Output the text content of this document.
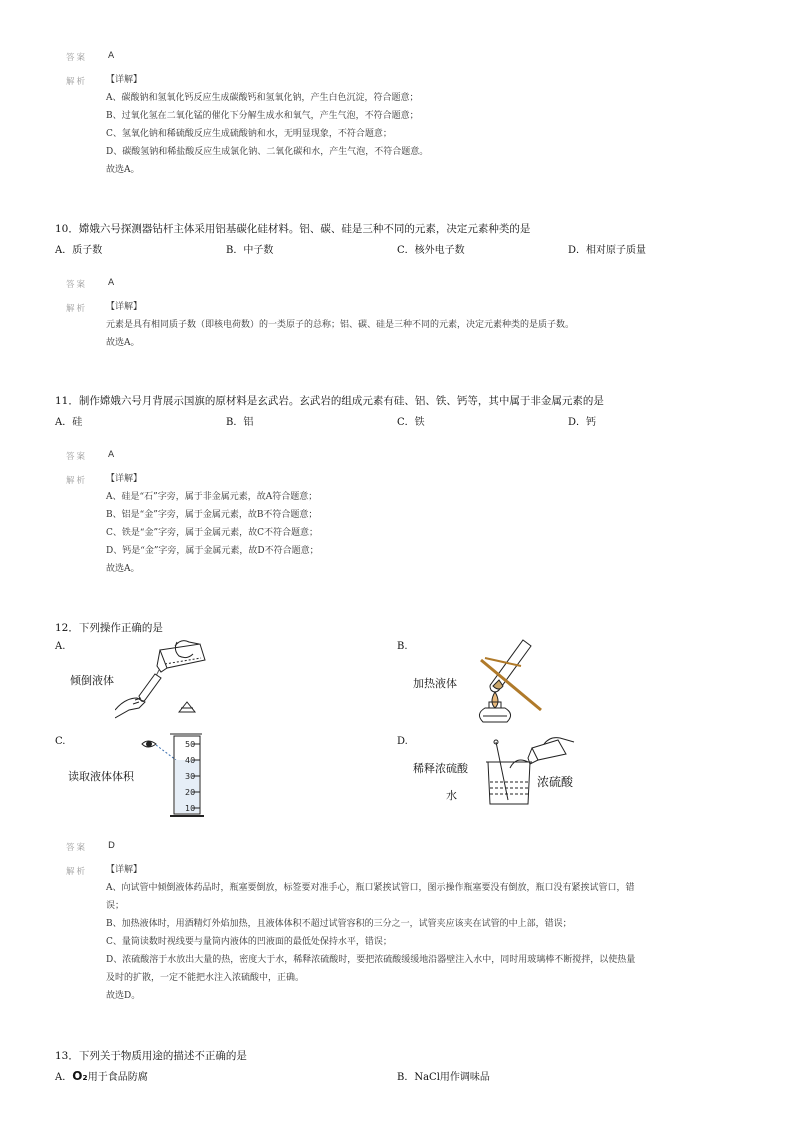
答案 A
解析 【详解】
A、碳酸钠和氢氧化钙反应生成碳酸钙和氢氧化钠，产生白色沉淀，符合题意；
B、过氧化氢在二氧化锰的催化下分解生成水和氧气，产生气泡，不符合题意；
C、氢氧化钠和稀硫酸反应生成硫酸钠和水，无明显现象，不符合题意；
D、碳酸氢钠和稀盐酸反应生成氯化钠、二氧化碳和水，产生气泡，不符合题意。
故选A。
10．嫦娥六号探测器钻杆主体采用铝基碳化硅材料。铝、碳、硅是三种不同的元素，决定元素种类的是
A．质子数	B．中子数	C．核外电子数	D．相对原子质量
答案 A
解析 【详解】
元素是具有相同质子数（即核电荷数）的一类原子的总称；铝、碳、硅是三种不同的元素，决定元素种类的是质子数。
故选A。
11．制作嫦娥六号月背展示国旗的原材料是玄武岩。玄武岩的组成元素有硅、铝、铁、钙等，其中属于非金属元素的是
A．硅	B．铝	C．铁	D．钙
答案 A
解析 【详解】
A、硅是“石”字旁，属于非金属元素，故A符合题意；
B、铝是“金”字旁，属于金属元素，故B不符合题意；
C、铁是“金”字旁，属于金属元素，故C不符合题意；
D、钙是“金”字旁，属于金属元素，故D不符合题意；
故选A。
12．下列操作正确的是
A.
倾倒液体
B.
加热液体
C.
读取液体体积
50
40
30
20
10
D.
稀释浓硫酸
水
浓硫酸
答案 D
解析 【详解】
A、向试管中倾倒液体药品时，瓶塞要倒放，标签要对准手心，瓶口紧挨试管口，图示操作瓶塞要没有倒放，瓶口没有紧挨试管口，错
误；
B、加热液体时，用酒精灯外焰加热，且液体体积不超过试管容积的三分之一，试管夹应该夹在试管的中上部，错误；
C、量筒读数时视线要与量筒内液体的凹液面的最低处保持水平，错误；
D、浓硫酸溶于水放出大量的热，密度大于水，稀释浓硫酸时，要把浓硫酸缓缓地沿器壁注入水中，同时用玻璃棒不断搅拌，以使热量
及时的扩散，一定不能把水注入浓硫酸中，正确。
故选D。
13．下列关于物质用途的描述不正确的是
A．O₂用于食品防腐	B．NaCl用作调味品
